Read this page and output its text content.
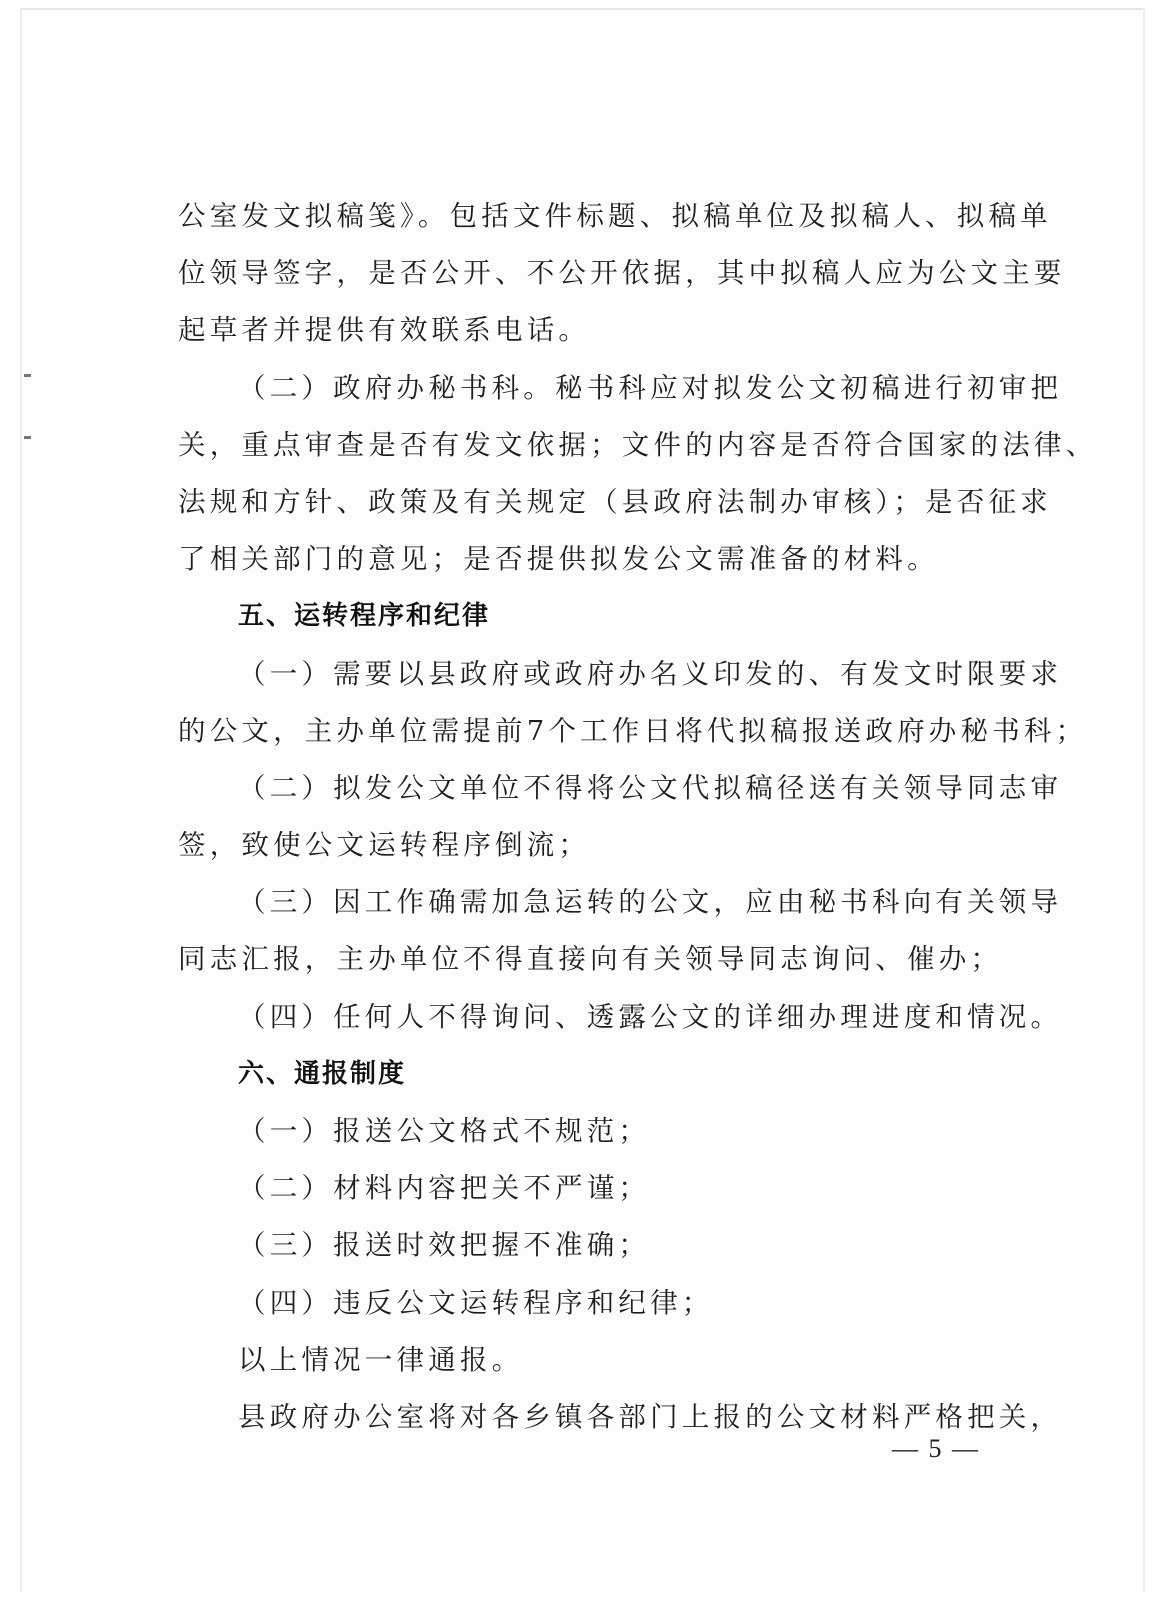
公室发文拟稿笺》。包括文件标题、拟稿单位及拟稿人、拟稿单
位领导签字，是否公开、不公开依据，其中拟稿人应为公文主要
起草者并提供有效联系电话。
（二）政府办秘书科。秘书科应对拟发公文初稿进行初审把
关，重点审查是否有发文依据；文件的内容是否符合国家的法律、
法规和方针、政策及有关规定（县政府法制办审核）；是否征求
了相关部门的意见；是否提供拟发公文需准备的材料。
五、运转程序和纪律
（一）需要以县政府或政府办名义印发的、有发文时限要求
的公文，主办单位需提前7个工作日将代拟稿报送政府办秘书科；
（二）拟发公文单位不得将公文代拟稿径送有关领导同志审
签，致使公文运转程序倒流；
（三）因工作确需加急运转的公文，应由秘书科向有关领导
同志汇报，主办单位不得直接向有关领导同志询问、催办；
（四）任何人不得询问、透露公文的详细办理进度和情况。
六、通报制度
（一）报送公文格式不规范；
（二）材料内容把关不严谨；
（三）报送时效把握不准确；
（四）违反公文运转程序和纪律；
以上情况一律通报。
县政府办公室将对各乡镇各部门上报的公文材料严格把关，
— 5 —
